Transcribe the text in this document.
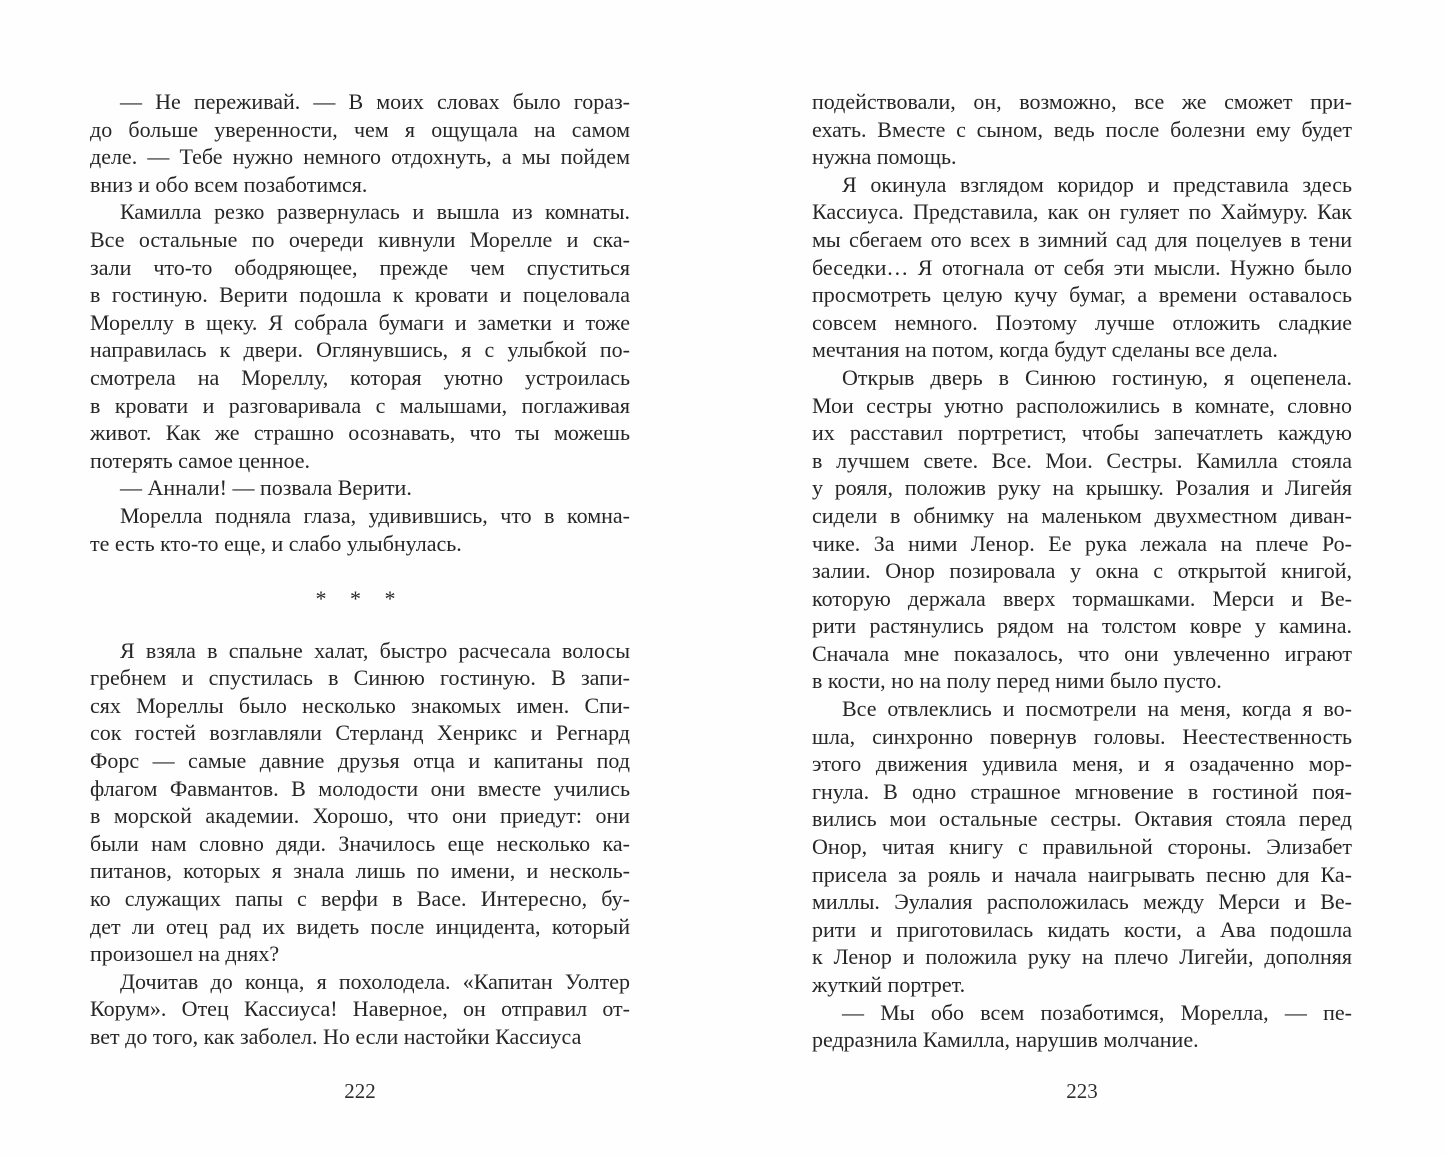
— Не переживай. — В моих словах было гораз-
до больше уверенности, чем я ощущала на самом
деле. — Тебе нужно немного отдохнуть, а мы пойдем
вниз и обо всем позаботимся.
Камилла резко развернулась и вышла из комнаты.
Все остальные по очереди кивнули Морелле и ска-
зали что-то ободряющее, прежде чем спуститься
в гостиную. Верити подошла к кровати и поцеловала
Мореллу в щеку. Я собрала бумаги и заметки и тоже
направилась к двери. Оглянувшись, я с улыбкой по-
смотрела на Мореллу, которая уютно устроилась
в кровати и разговаривала с малышами, поглаживая
живот. Как же страшно осознавать, что ты можешь
потерять самое ценное.
— Аннали! — позвала Верити.
Морелла подняла глаза, удивившись, что в комна-
те есть кто-то еще, и слабо улыбнулась.
* * *
Я взяла в спальне халат, быстро расчесала волосы
гребнем и спустилась в Синюю гостиную. В запи-
сях Мореллы было несколько знакомых имен. Спи-
сок гостей возглавляли Стерланд Хенрикс и Регнард
Форс — самые давние друзья отца и капитаны под
флагом Фавмантов. В молодости они вместе учились
в морской академии. Хорошо, что они приедут: они
были нам словно дяди. Значилось еще несколько ка-
питанов, которых я знала лишь по имени, и несколь-
ко служащих папы с верфи в Васе. Интересно, бу-
дет ли отец рад их видеть после инцидента, который
произошел на днях?
Дочитав до конца, я похолодела. «Капитан Уолтер
Корум». Отец Кассиуса! Наверное, он отправил от-
вет до того, как заболел. Но если настойки Кассиуса
222
подействовали, он, возможно, все же сможет при-
ехать. Вместе с сыном, ведь после болезни ему будет
нужна помощь.
Я окинула взглядом коридор и представила здесь
Кассиуса. Представила, как он гуляет по Хаймуру. Как
мы сбегаем ото всех в зимний сад для поцелуев в тени
беседки… Я отогнала от себя эти мысли. Нужно было
просмотреть целую кучу бумаг, а времени оставалось
совсем немного. Поэтому лучше отложить сладкие
мечтания на потом, когда будут сделаны все дела.
Открыв дверь в Синюю гостиную, я оцепенела.
Мои сестры уютно расположились в комнате, словно
их расставил портретист, чтобы запечатлеть каждую
в лучшем свете. Все. Мои. Сестры. Камилла стояла
у рояля, положив руку на крышку. Розалия и Лигейя
сидели в обнимку на маленьком двухместном диван-
чике. За ними Ленор. Ее рука лежала на плече Ро-
залии. Онор позировала у окна с открытой книгой,
которую держала вверх тормашками. Мерси и Ве-
рити растянулись рядом на толстом ковре у камина.
Сначала мне показалось, что они увлеченно играют
в кости, но на полу перед ними было пусто.
Все отвлеклись и посмотрели на меня, когда я во-
шла, синхронно повернув головы. Неестественность
этого движения удивила меня, и я озадаченно мор-
гнула. В одно страшное мгновение в гостиной поя-
вились мои остальные сестры. Октавия стояла перед
Онор, читая книгу с правильной стороны. Элизабет
присела за рояль и начала наигрывать песню для Ка-
миллы. Эулалия расположилась между Мерси и Ве-
рити и приготовилась кидать кости, а Ава подошла
к Ленор и положила руку на плечо Лигейи, дополняя
жуткий портрет.
— Мы обо всем позаботимся, Морелла, — пе-
редразнила Камилла, нарушив молчание.
223
